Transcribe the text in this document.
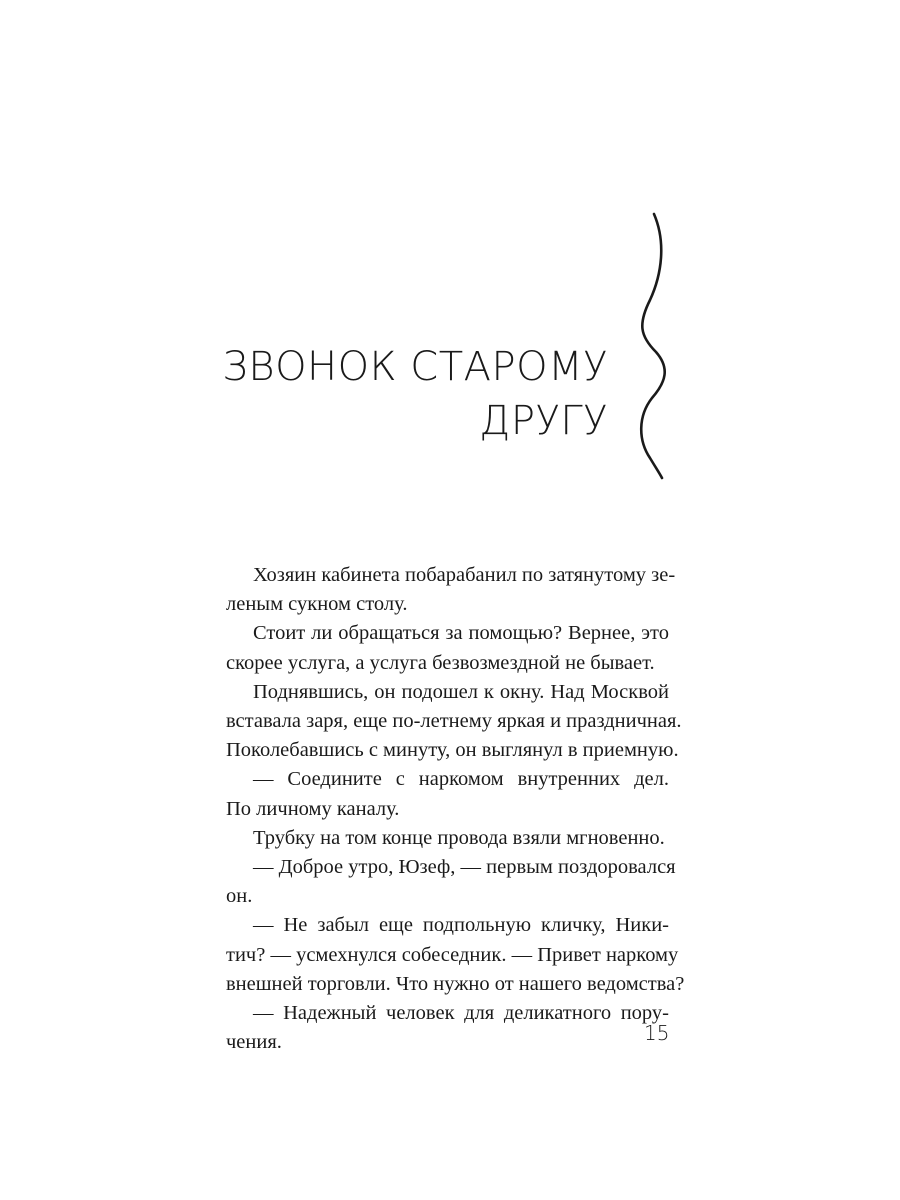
ЗВОНОК СТАРОМУ
ДРУГУ

Хозяин кабинета побарабанил по затянутому зе-
леным сукном столу.

Стоит ли обращаться за помощью? Вернее, это
скорее услуга, а услуга безвозмездной не бывает.

Поднявшись, он подошел к окну. Над Москвой
вставала заря, еще по-летнему яркая и праздничная.
Поколебавшись с минуту, он выглянул в приемную.

— Соедините с наркомом внутренних дел.
По личному каналу.

Трубку на том конце провода взяли мгновенно.

— Доброе утро, Юзеф, — первым поздоровался
он.

— Не забыл еще подпольную кличку, Ники-
тич? — усмехнулся собеседник. — Привет наркому
внешней торговли. Что нужно от нашего ведомства?

— Надежный человек для деликатного пору-
чения.	15
